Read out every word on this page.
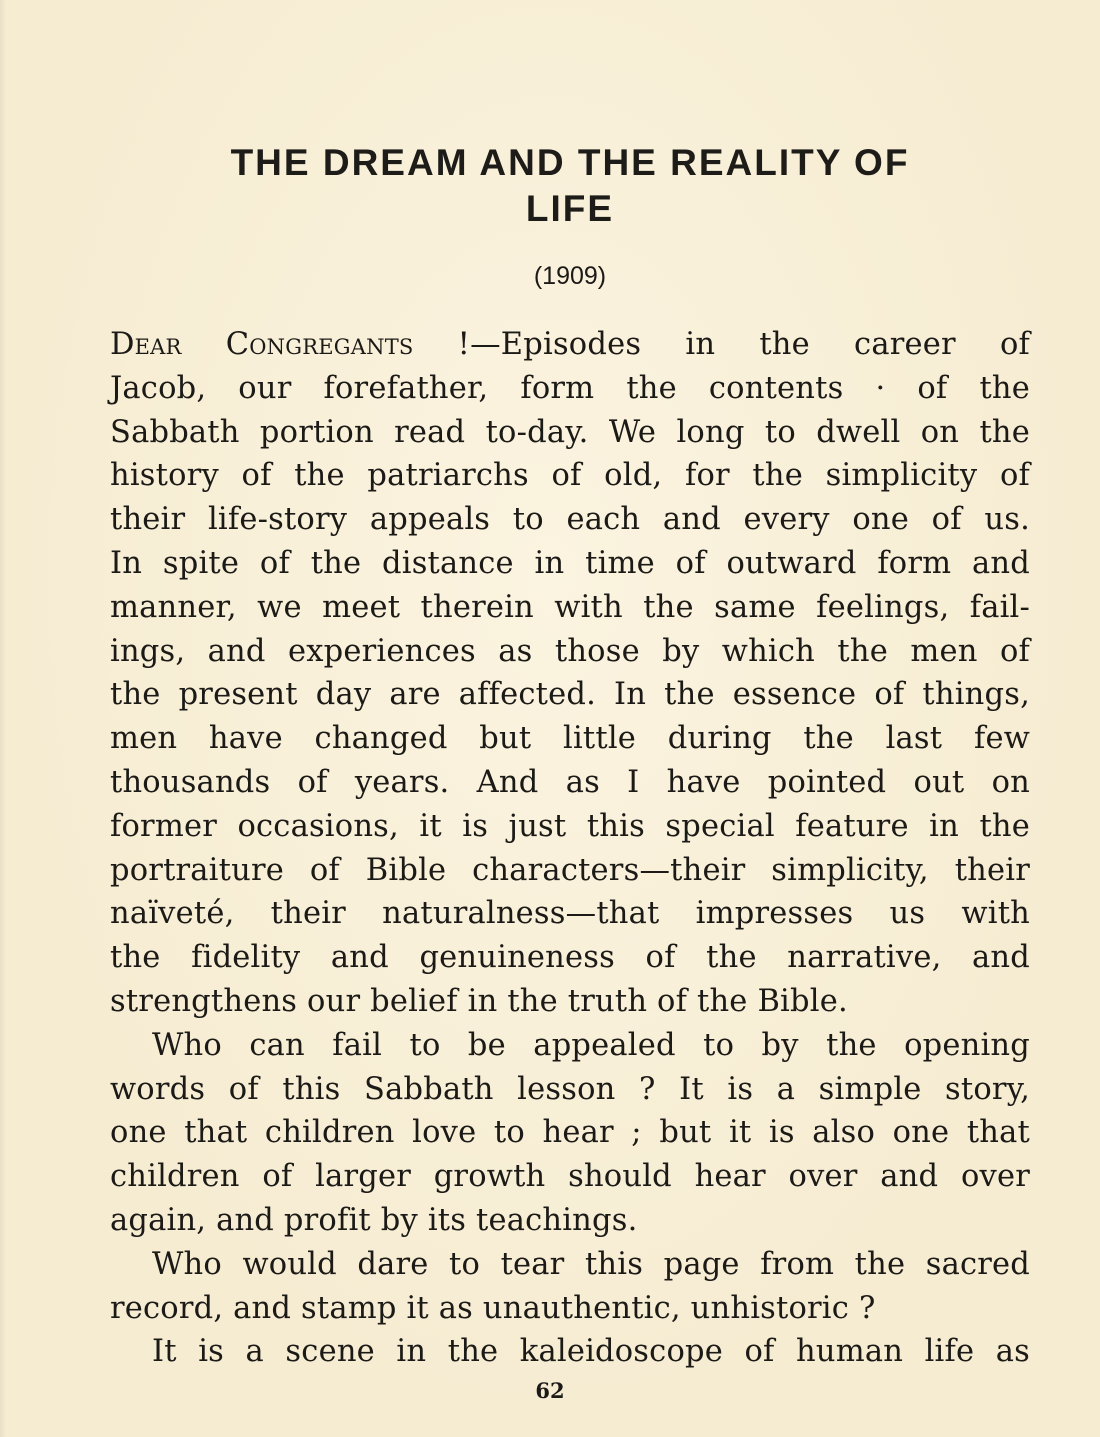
THE DREAM AND THE REALITY OF
LIFE

(1909)

Dear Congregants !—Episodes in the career of
Jacob, our forefather, form the contents · of the
Sabbath portion read to-day. We long to dwell on the
history of the patriarchs of old, for the simplicity of
their life-story appeals to each and every one of us.
In spite of the distance in time of outward form and
manner, we meet therein with the same feelings, fail-
ings, and experiences as those by which the men of
the present day are affected. In the essence of things,
men have changed but little during the last few
thousands of years. And as I have pointed out on
former occasions, it is just this special feature in the
portraiture of Bible characters—their simplicity, their
naïveté, their naturalness—that impresses us with
the fidelity and genuineness of the narrative, and
strengthens our belief in the truth of the Bible.
Who can fail to be appealed to by the opening
words of this Sabbath lesson ? It is a simple story,
one that children love to hear ; but it is also one that
children of larger growth should hear over and over
again, and profit by its teachings.
Who would dare to tear this page from the sacred
record, and stamp it as unauthentic, unhistoric ?
It is a scene in the kaleidoscope of human life as

62
